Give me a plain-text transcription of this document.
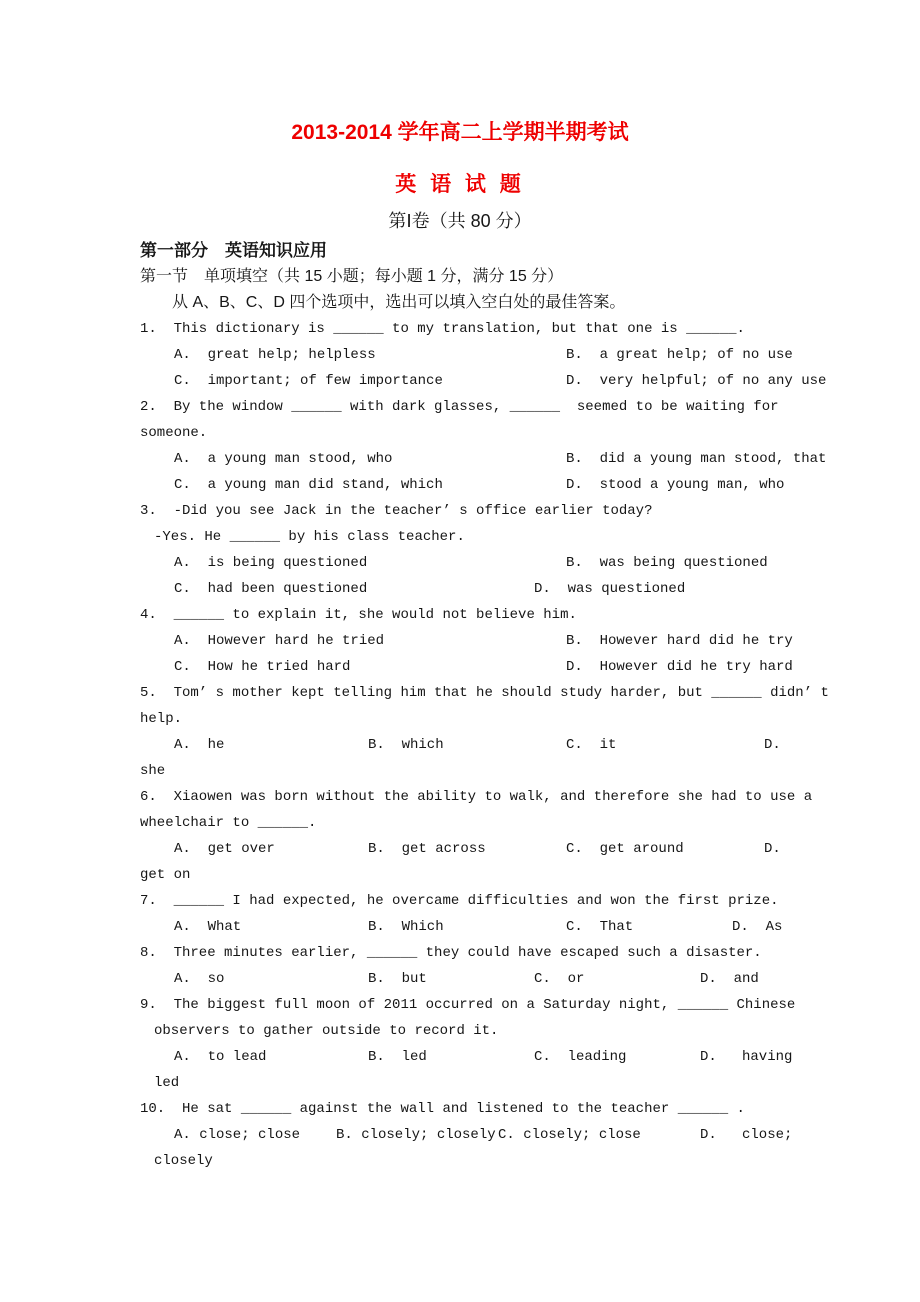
2013-2014 学年高二上学期半期考试
英 语 试 题
第Ⅰ卷（共 80 分）
第一部分　英语知识应用
第一节　单项填空（共 15 小题；每小题 1 分，满分 15 分）
从 A、B、C、D 四个选项中，选出可以填入空白处的最佳答案。
1.  This dictionary is ______ to my translation, but that one is ______.
A.  great help; helpless	B.  a great help; of no use
C.  important; of few importance	D.  very helpful; of no any use
2.  By the window ______ with dark glasses, ______  seemed to be waiting for
someone.
A.  a young man stood, who	B.  did a young man stood, that
C.  a young man did stand, which	D.  stood a young man, who
3.  -Did you see Jack in the teacher’ s office earlier today?
-Yes. He ______ by his class teacher.
A.  is being questioned	B.  was being questioned
C.  had been questioned	D.  was questioned
4.  ______ to explain it, she would not believe him.
A.  However hard he tried	B.  However hard did he try
C.  How he tried hard	D.  However did he try hard
5.  Tom’ s mother kept telling him that he should study harder, but ______ didn’ t
help.
A.  he	B.  which	C.  it	D.
she
6.  Xiaowen was born without the ability to walk, and therefore she had to use a
wheelchair to ______.
A.  get over	B.  get across	C.  get around	D.
get on
7.  ______ I had expected, he overcame difficulties and won the first prize.
A.  What	B.  Which	C.  That	D.  As
8.  Three minutes earlier, ______ they could have escaped such a disaster.
A.  so	B.  but	C.  or	D.  and
9.  The biggest full moon of 2011 occurred on a Saturday night, ______ Chinese
observers to gather outside to record it.
A.  to lead	B.  led	C.  leading	D.   having
led
10.  He sat ______ against the wall and listened to the teacher ______ .
A. close; close	B. closely; closely C. closely; close	D.   close;
closely
